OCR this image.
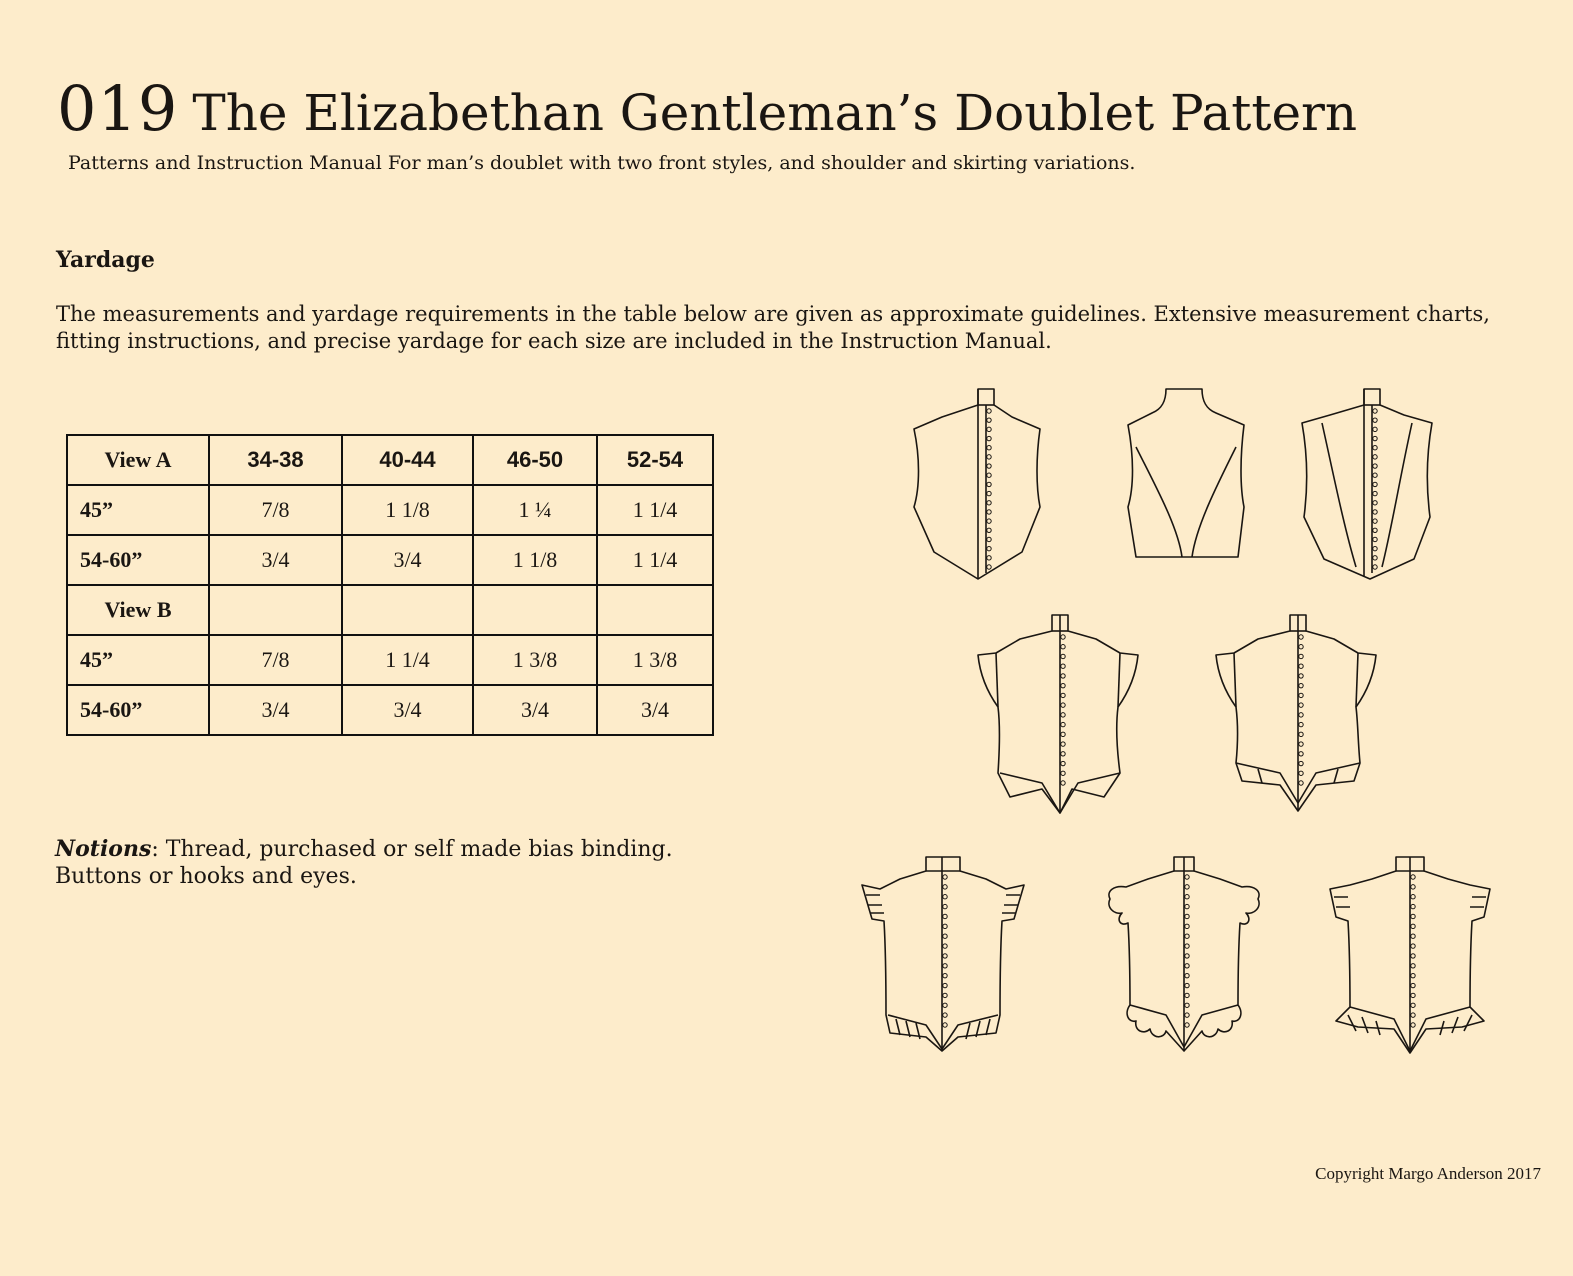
019 The Elizabethan Gentleman’s Doublet Pattern
Patterns and Instruction Manual For man’s doublet with two front styles, and shoulder and skirting variations.
Yardage
The measurements and yardage requirements in the table below are given as approximate guidelines. Extensive measurement charts,
fitting instructions, and precise yardage for each size are included in the Instruction Manual.
View A	34-38	40-44	46-50	52-54
45”	7/8	1 1/8	1 ¼	1 1/4
54-60”	3/4	3/4	1 1/8	1 1/4
View B				
45”	7/8	1 1/4	1 3/8	1 3/8
54-60”	3/4	3/4	3/4	3/4
Notions: Thread, purchased or self made bias binding.
Buttons or hooks and eyes.
Copyright Margo Anderson 2017
